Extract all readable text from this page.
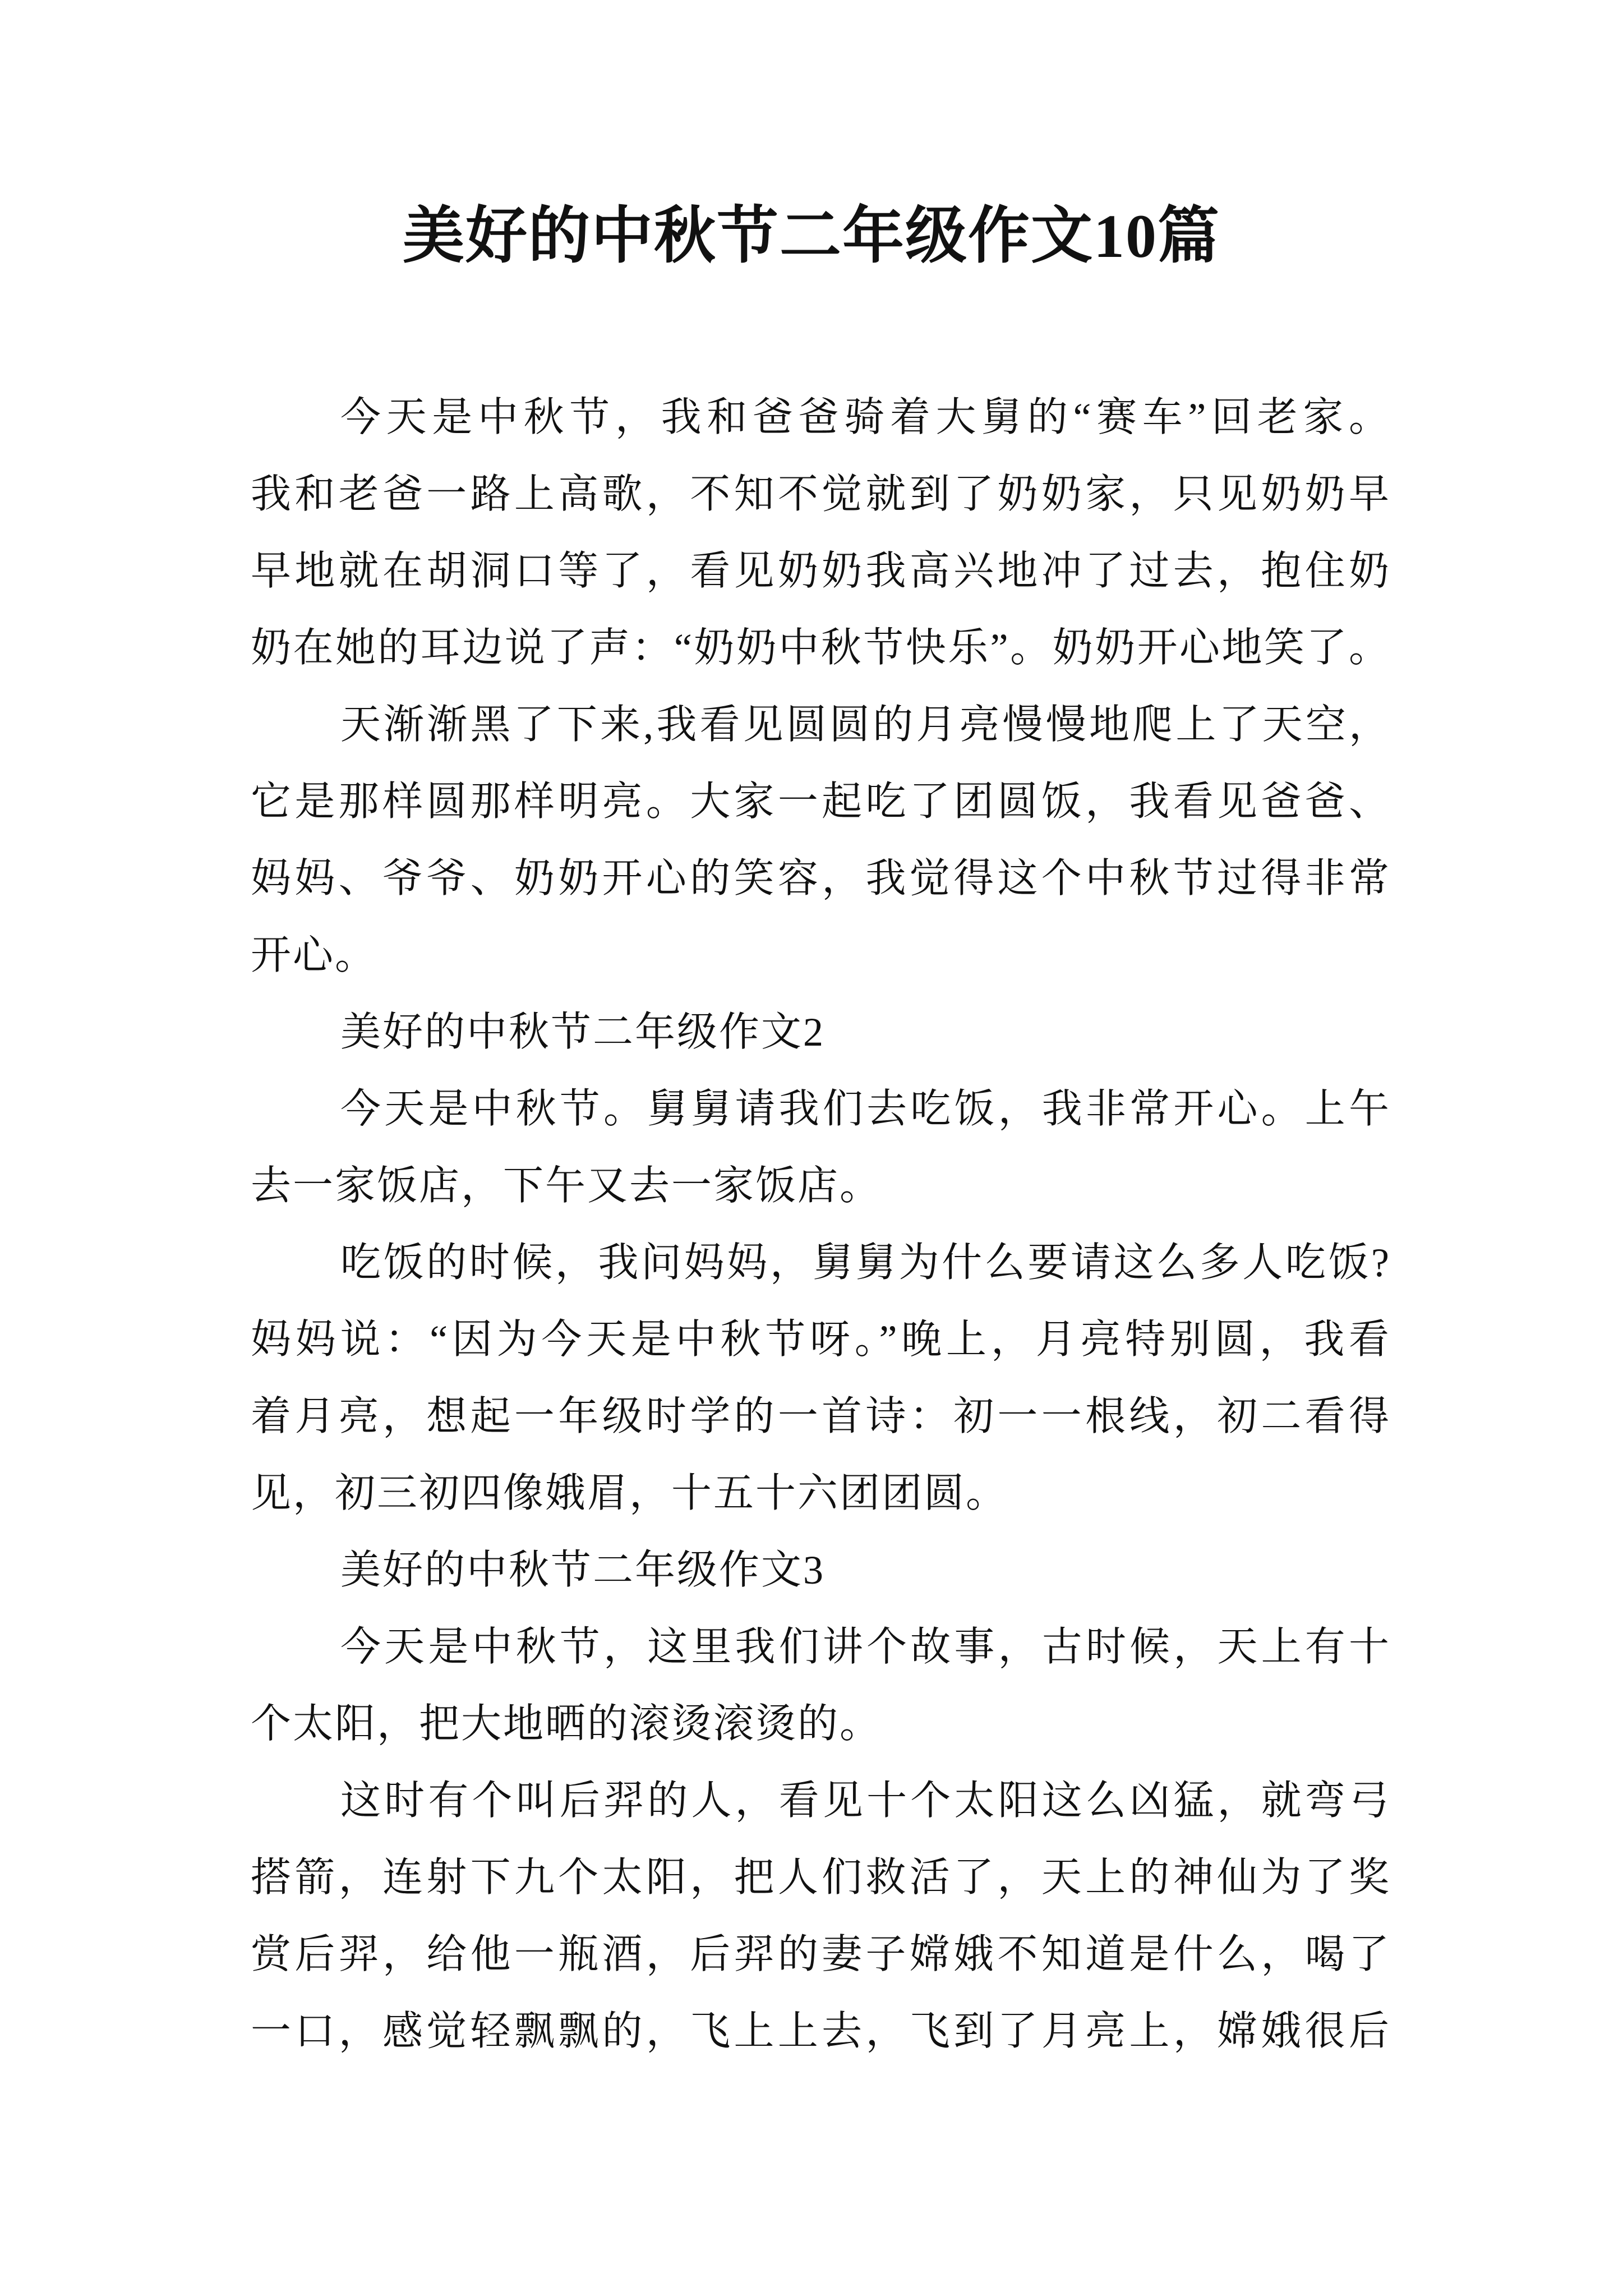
美好的中秋节二年级作文10篇
今天是中秋节，我和爸爸骑着大舅的“赛车”回老家。
我和老爸一路上高歌，不知不觉就到了奶奶家，只见奶奶早
早地就在胡洞口等了，看见奶奶我高兴地冲了过去，抱住奶
奶在她的耳边说了声：“奶奶中秋节快乐”。奶奶开心地笑了。
天渐渐黑了下来,我看见圆圆的月亮慢慢地爬上了天空，
它是那样圆那样明亮。大家一起吃了团圆饭，我看见爸爸、
妈妈、爷爷、奶奶开心的笑容，我觉得这个中秋节过得非常
开心。
美好的中秋节二年级作文2
今天是中秋节。舅舅请我们去吃饭，我非常开心。上午
去一家饭店，下午又去一家饭店。
吃饭的时候，我问妈妈，舅舅为什么要请这么多人吃饭?
妈妈说：“因为今天是中秋节呀。”晚上，月亮特别圆，我看
着月亮，想起一年级时学的一首诗：初一一根线，初二看得
见，初三初四像娥眉，十五十六团团圆。
美好的中秋节二年级作文3
今天是中秋节，这里我们讲个故事，古时候，天上有十
个太阳，把大地晒的滚烫滚烫的。
这时有个叫后羿的人，看见十个太阳这么凶猛，就弯弓
搭箭，连射下九个太阳，把人们救活了，天上的神仙为了奖
赏后羿，给他一瓶酒，后羿的妻子嫦娥不知道是什么，喝了
一口，感觉轻飘飘的，飞上上去，飞到了月亮上，嫦娥很后
